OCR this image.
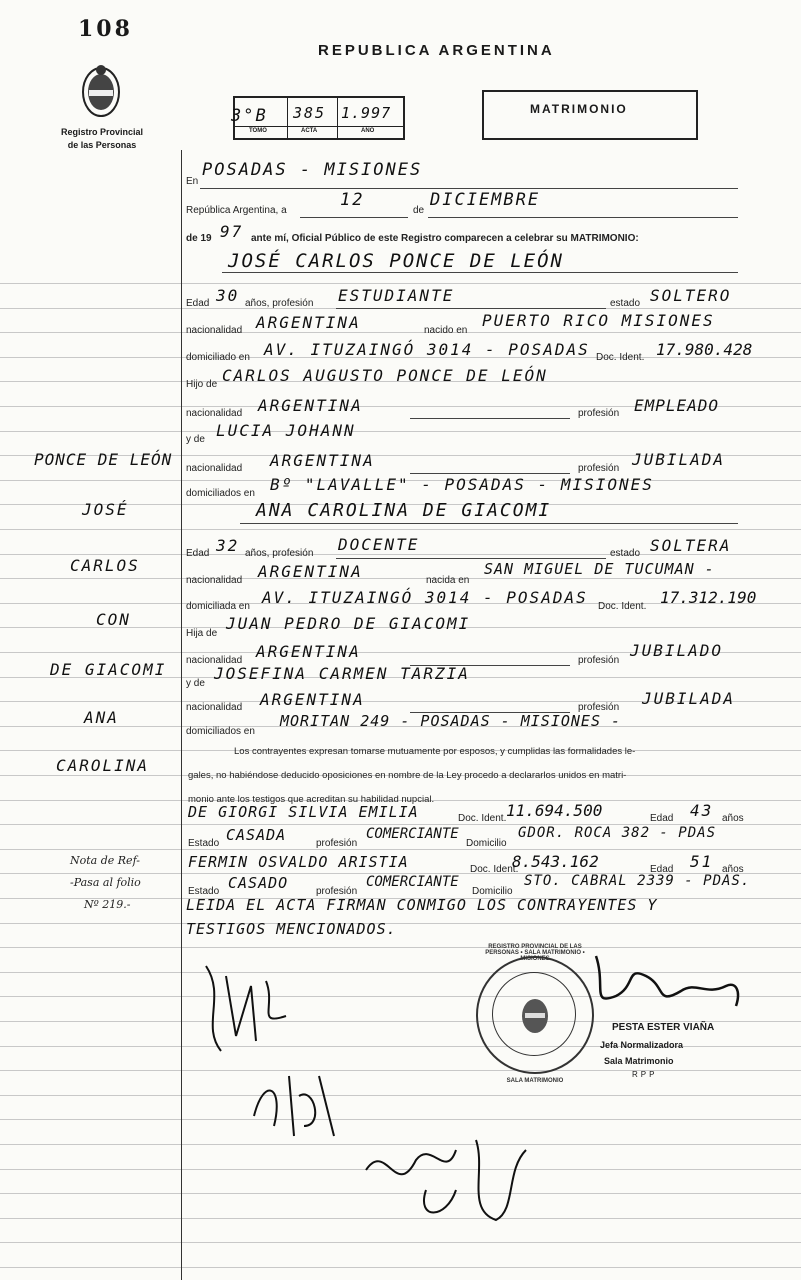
108
Registro Provincial
de las Personas
REPUBLICA ARGENTINA
3°B 385 1.997
TOMO	ACTA	AÑO
MATRIMONIO
En
POSADAS - MISIONES
República Argentina, a
12
de
DICIEMBRE
de 19 97 ante mí, Oficial Público de este Registro comparecen a celebrar su MATRIMONIO:
JOSÉ CARLOS PONCE DE LEÓN
Edad 30 años, profesión ESTUDIANTE	estado SOLTERO
nacionalidad ARGENTINA	nacido en
PUERTO RICO MISIONES
domiciliado en AV. ITUZAINGÓ 3014 - POSADAS Doc. Ident. 17.980.428
Hijo de CARLOS AUGUSTO PONCE DE LEÓN
nacionalidad ARGENTINA	profesión EMPLEADO
y de LUCIA JOHANN
nacionalidad ARGENTINA	profesión JUBILADA
domiciliados en Bº "LAVALLE" - POSADAS - MISIONES
ANA CAROLINA DE GIACOMI
Edad 32 años, profesión DOCENTE	estado SOLTERA
nacionalidad ARGENTINA	nacida en
SAN MIGUEL DE TUCUMAN -
domiciliada en AV. ITUZAINGÓ 3014 - POSADAS Doc. Ident. 17.312.190
Hija de
JUAN PEDRO DE GIACOMI
nacionalidad ARGENTINA	profesión
JUBILADO
y de
JOSEFINA CARMEN TARZIA
nacionalidad ARGENTINA	profesión JUBILADA
domiciliados en
MORITAN 249 - POSADAS - MISIONES -
Los contrayentes expresan tomarse mutuamente por esposos, y cumplidas las formalidades le-
gales, no habiéndose deducido oposiciones en nombre de la Ley procedo a declararlos unidos en matri-
monio ante los testigos que acreditan su habilidad nupcial.
DE GIORGI SILVIA EMILIA	Doc. Ident. 11.694.500	Edad 43 años
Estado CASADA	profesión
COMERCIANTE
Domicilio
GDOR. ROCA 382 - PDAS
FERMIN OSVALDO ARISTIA	Doc. Ident.
8.543.162	Edad 51 años
Estado CASADO	profesión
COMERCIANTE
Domicilio
STO. CABRAL 2339 - PDAS.
LEIDA EL ACTA FIRMAN CONMIGO LOS CONTRAYENTES Y
TESTIGOS MENCIONADOS.
PONCE DE LEÓN
JOSÉ
CARLOS
CON
DE GIACOMI
ANA
CAROLINA
Nota de Ref-
-Pasa al folio
Nº 219.-
REGISTRO PROVINCIAL DE LAS PERSONAS • SALA MATRIMONIO • MISIONES
SALA MATRIMONIO
PESTA ESTER VIAÑA
Jefa Normalizadora
Sala Matrimonio
RPP
